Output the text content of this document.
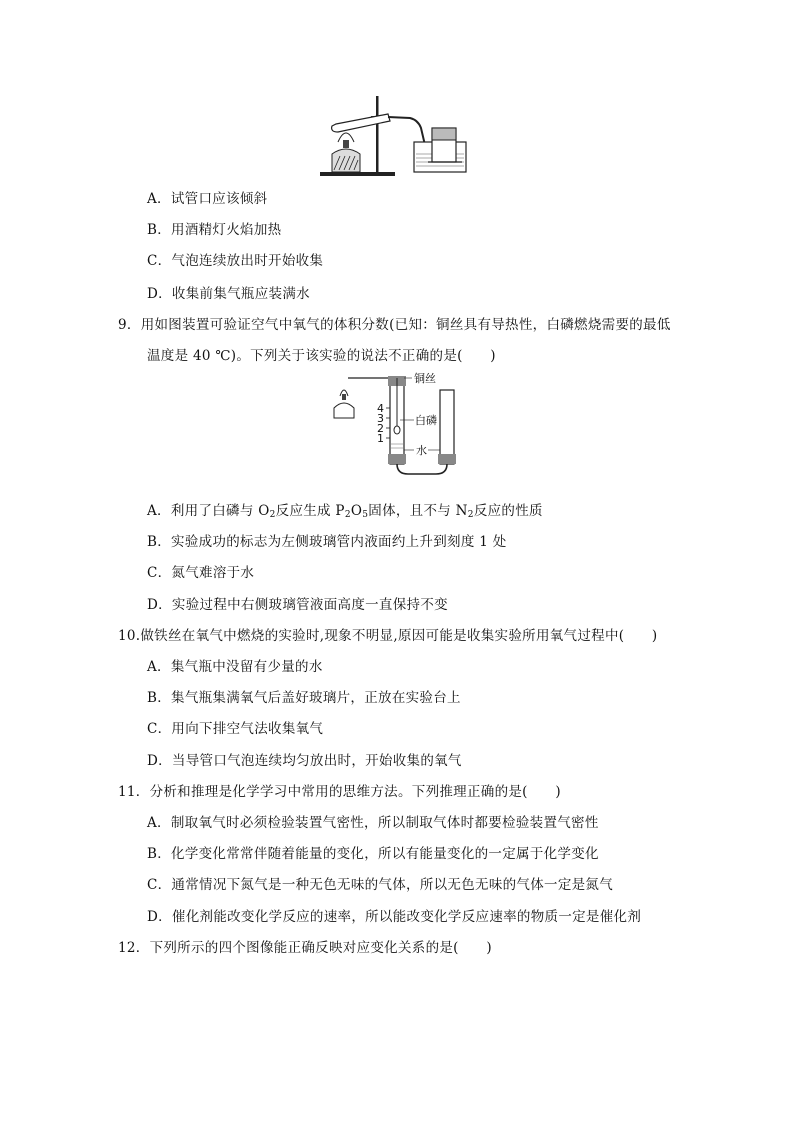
A．试管口应该倾斜
B．用酒精灯火焰加热
C．气泡连续放出时开始收集
D．收集前集气瓶应装满水
9．用如图装置可验证空气中氧气的体积分数(已知：铜丝具有导热性，白磷燃烧需要的最低
温度是 40 ℃)。下列关于该实验的说法不正确的是(　　)
4
3
2
1
铜丝
白磷
水
A．利用了白磷与 $O_2$反应生成 $P_2O_5$固体，且不与 $N_2$反应的性质
B．实验成功的标志为左侧玻璃管内液面约上升到刻度 1 处
C．氮气难溶于水
D．实验过程中右侧玻璃管液面高度一直保持不变
10.做铁丝在氧气中燃烧的实验时,现象不明显,原因可能是收集实验所用氧气过程中(　　)
A．集气瓶中没留有少量的水
B．集气瓶集满氧气后盖好玻璃片，正放在实验台上
C．用向下排空气法收集氧气
D．当导管口气泡连续均匀放出时，开始收集的氧气
11．分析和推理是化学学习中常用的思维方法。下列推理正确的是(　　)
A．制取氧气时必须检验装置气密性，所以制取气体时都要检验装置气密性
B．化学变化常常伴随着能量的变化，所以有能量变化的一定属于化学变化
C．通常情况下氮气是一种无色无味的气体，所以无色无味的气体一定是氮气
D．催化剂能改变化学反应的速率，所以能改变化学反应速率的物质一定是催化剂
12．下列所示的四个图像能正确反映对应变化关系的是(　　)
